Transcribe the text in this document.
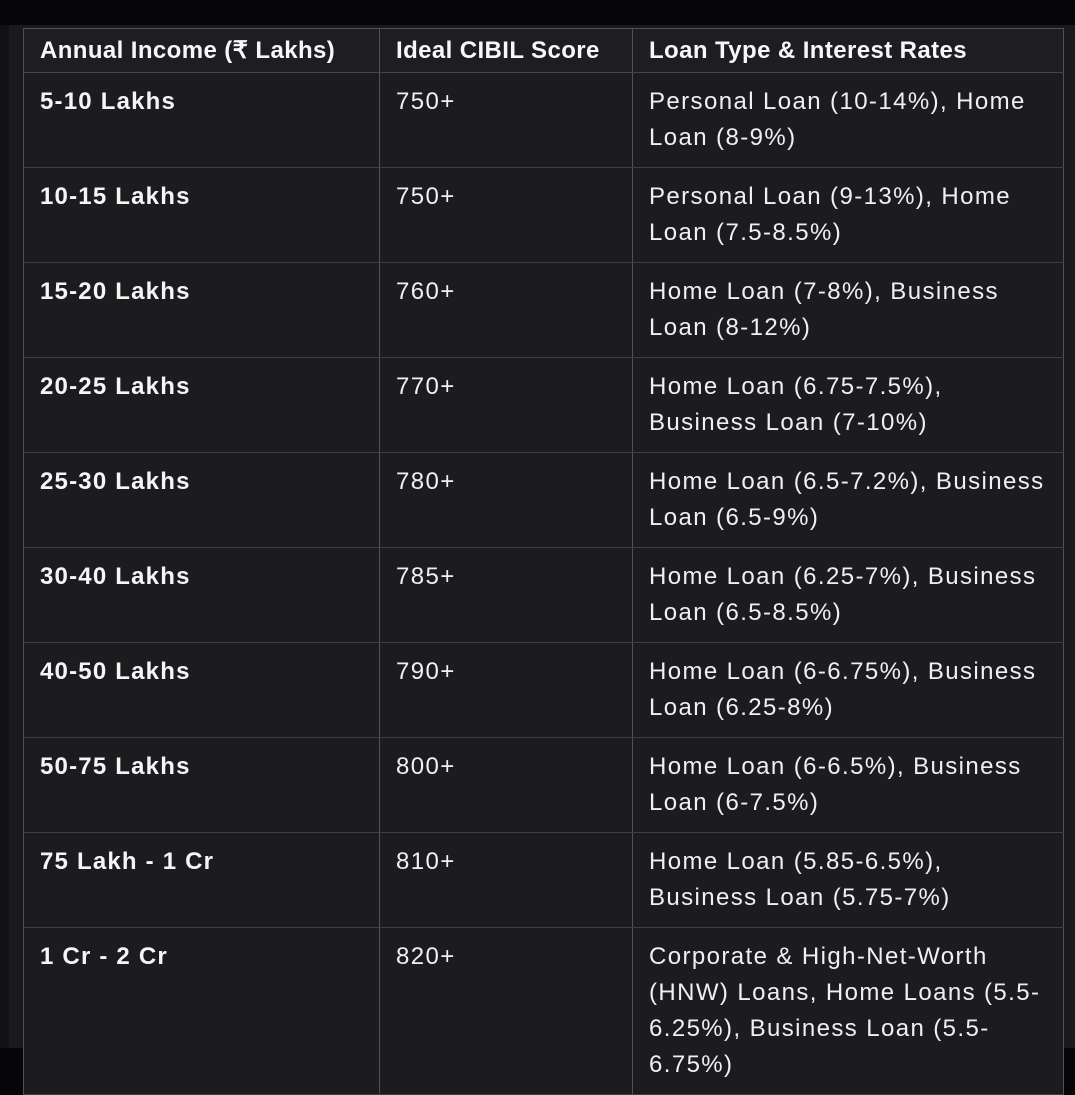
Annual Income (₹ Lakhs)	Ideal CIBIL Score	Loan Type & Interest Rates
5-10 Lakhs	750+	Personal Loan (10-14%), Home Loan (8-9%)
10-15 Lakhs	750+	Personal Loan (9-13%), Home Loan (7.5-8.5%)
15-20 Lakhs	760+	Home Loan (7-8%), Business Loan (8-12%)
20-25 Lakhs	770+	Home Loan (6.75-7.5%), Business Loan (7-10%)
25-30 Lakhs	780+	Home Loan (6.5-7.2%), Business Loan (6.5-9%)
30-40 Lakhs	785+	Home Loan (6.25-7%), Business Loan (6.5-8.5%)
40-50 Lakhs	790+	Home Loan (6-6.75%), Business Loan (6.25-8%)
50-75 Lakhs	800+	Home Loan (6-6.5%), Business Loan (6-7.5%)
75 Lakh - 1 Cr	810+	Home Loan (5.85-6.5%), Business Loan (5.75-7%)
1 Cr - 2 Cr	820+	Corporate & High-Net-Worth (HNW) Loans, Home Loans (5.5-6.25%), Business Loan (5.5-6.75%)
